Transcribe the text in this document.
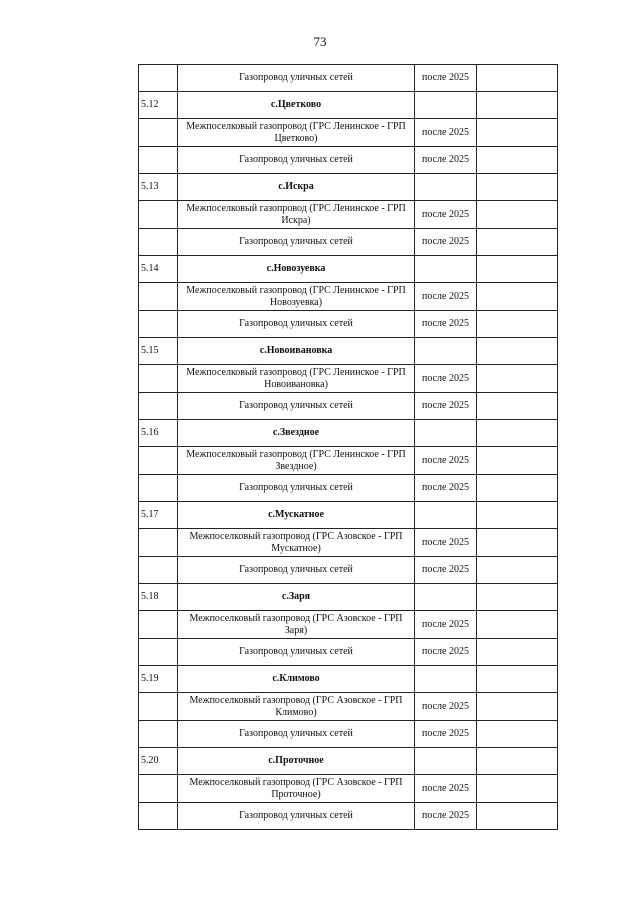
73
	Газопровод уличных сетей	после 2025	
5.12	с.Цветково		
	Межпоселковый газопровод (ГРС Ленинское - ГРП Цветково)	после 2025	
	Газопровод уличных сетей	после 2025	
5.13	с.Искра		
	Межпоселковый газопровод (ГРС Ленинское - ГРП Искра)	после 2025	
	Газопровод уличных сетей	после 2025	
5.14	с.Новозуевка		
	Межпоселковый газопровод (ГРС Ленинское - ГРП Новозуевка)	после 2025	
	Газопровод уличных сетей	после 2025	
5.15	с.Новоивановка		
	Межпоселковый газопровод (ГРС Ленинское - ГРП Новоивановка)	после 2025	
	Газопровод уличных сетей	после 2025	
5.16	с.Звездное		
	Межпоселковый газопровод (ГРС Ленинское - ГРП Звездное)	после 2025	
	Газопровод уличных сетей	после 2025	
5.17	с.Мускатное		
	Межпоселковый газопровод (ГРС Азовское - ГРП Мускатное)	после 2025	
	Газопровод уличных сетей	после 2025	
5.18	с.Заря		
	Межпоселковый газопровод (ГРС Азовское - ГРП Заря)	после 2025	
	Газопровод уличных сетей	после 2025	
5.19	с.Климово		
	Межпоселковый газопровод (ГРС Азовское - ГРП Климово)	после 2025	
	Газопровод уличных сетей	после 2025	
5.20	с.Проточное		
	Межпоселковый газопровод (ГРС Азовское - ГРП Проточное)	после 2025	
	Газопровод уличных сетей	после 2025	
